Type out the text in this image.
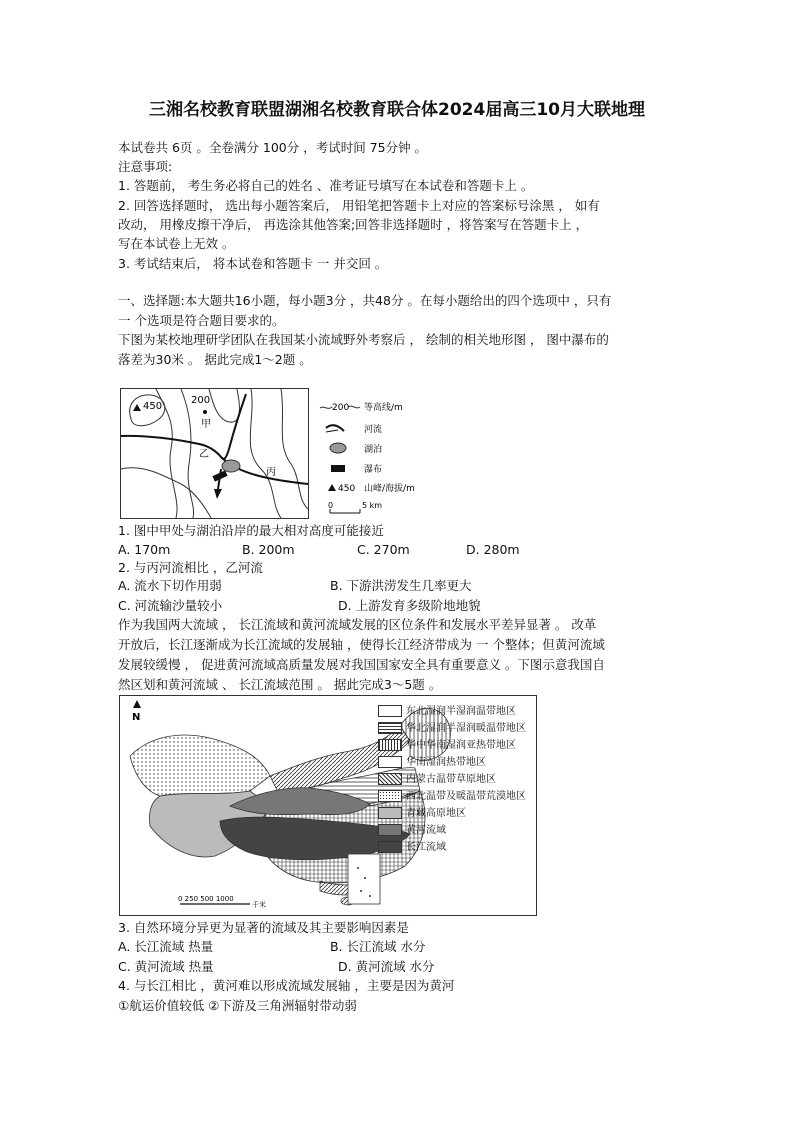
三湘名校教育联盟湖湘名校教育联合体2024届高三10月大联地理
本试卷共 6页 。全卷满分 100分 ，考试时间 75分钟 。
注意事项:
1. 答题前， 考生务必将自己的姓名 、准考证号填写在本试卷和答题卡上 。
2. 回答选择题时， 选出每小题答案后， 用铅笔把答题卡上对应的答案标号涂黑 ， 如有
改动， 用橡皮擦干净后， 再选涂其他答案;回答非选择题时 ，将答案写在答题卡上 ，
写在本试卷上无效 。
3. 考试结束后， 将本试卷和答题卡 一 并交回 。
一、选择题:本大题共16小题，每小题3分 ，共48分 。在每小题给出的四个选项中 ，只有
一 个选项是符合题目要求的。
下图为某校地理研学团队在我国某小流域野外考察后 ， 绘制的相关地形图 ， 图中瀑布的
落差为30米 。 据此完成1～2题 。
450
200
甲
乙
丙
200 等高线/m
河流
湖泊
瀑布
450 山峰/海拔/m
0	5 km
1. 图中甲处与湖泊沿岸的最大相对高度可能接近
A. 170m	B. 200m	C. 270m	D. 280m
2. 与丙河流相比 ，乙河流
A. 流水下切作用弱	B. 下游洪涝发生几率更大
C. 河流输沙量较小	D. 上游发育多级阶地地貌
作为我国两大流域 ， 长江流域和黄河流域发展的区位条件和发展水平差异显著 。 改革
开放后，长江逐渐成为长江流域的发展轴 ，使得长江经济带成为 一 个整体；但黄河流域
发展较缓慢 ， 促进黄河流域高质量发展对我国国家安全具有重要意义 。下图示意我国自
然区划和黄河流域 、 长江流域范围 。 据此完成3～5题 。
N
0 250 500 1000
千米
东北湿润半湿润温带地区
华北湿润半湿润暖温带地区
华中华南湿润亚热带地区
华南湿润热带地区
内蒙古温带草原地区
西北温带及暖温带荒漠地区
青藏高原地区
黄河流域
长江流域
3. 自然环境分异更为显著的流域及其主要影响因素是
A. 长江流域 热量	B. 长江流域 水分
C. 黄河流域 热量	D. 黄河流域 水分
4. 与长江相比 ，黄河难以形成流域发展轴 ，主要是因为黄河
①航运价值较低 ②下游及三角洲辐射带动弱
